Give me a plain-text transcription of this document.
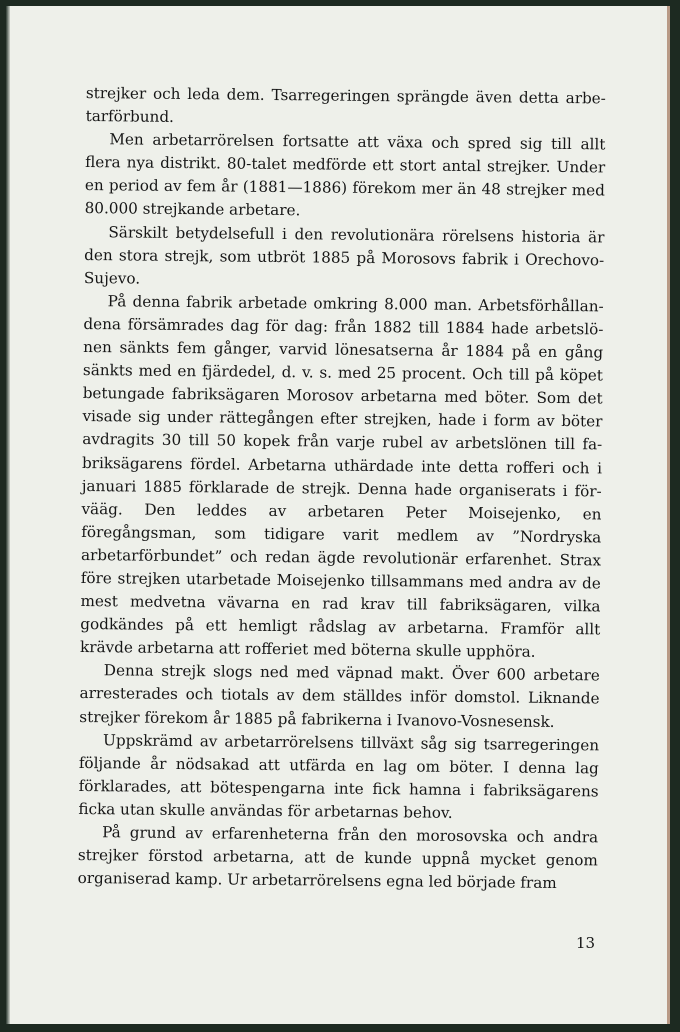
strejker och leda dem. Tsarregeringen sprängde även detta arbetarförbund.

Men arbetarrörelsen fortsatte att växa och spred sig till allt flera nya distrikt. 80-talet medförde ett stort antal strejker. Under en period av fem år (1881—1886) förekom mer än 48 strejker med 80.000 strejkande arbetare.

Särskilt betydelsefull i den revolutionära rörelsens historia är den stora strejk, som utbröt 1885 på Morosovs fabrik i Orechovo-Sujevo.

På denna fabrik arbetade omkring 8.000 man. Arbetsförhållandena försämrades dag för dag: från 1882 till 1884 hade arbetslönen sänkts fem gånger, varvid lönesatserna år 1884 på en gång sänkts med en fjärdedel, d. v. s. med 25 procent. Och till på köpet betungade fabriksägaren Morosov arbetarna med böter. Som det visade sig under rättegången efter strejken, hade i form av böter avdragits 30 till 50 kopek från varje rubel av arbetslönen till fabriksägarens fördel. Arbetarna uthärdade inte detta rofferi och i januari 1885 förklarade de strejk. Denna hade organiserats i förvääg. Den leddes av arbetaren Peter Moisejenko, en föregångsman, som tidigare varit medlem av ”Nordryska arbetarförbundet” och redan ägde revolutionär erfarenhet. Strax före strejken utarbetade Moisejenko tillsammans med andra av de mest medvetna vävarna en rad krav till fabriksägaren, vilka godkändes på ett hemligt rådslag av arbetarna. Framför allt krävde arbetarna att rofferiet med böterna skulle upphöra.

Denna strejk slogs ned med väpnad makt. Över 600 arbetare arresterades och tiotals av dem ställdes inför domstol. Liknande strejker förekom år 1885 på fabrikerna i Ivanovo-Vosnesensk.

Uppskrämd av arbetarrörelsens tillväxt såg sig tsarregeringen följande år nödsakad att utfärda en lag om böter. I denna lag förklarades, att bötespengarna inte fick hamna i fabriksägarens ficka utan skulle användas för arbetarnas behov.

På grund av erfarenheterna från den morosovska och andra strejker förstod arbetarna, att de kunde uppnå mycket genom organiserad kamp. Ur arbetarrörelsens egna led började fram

13
